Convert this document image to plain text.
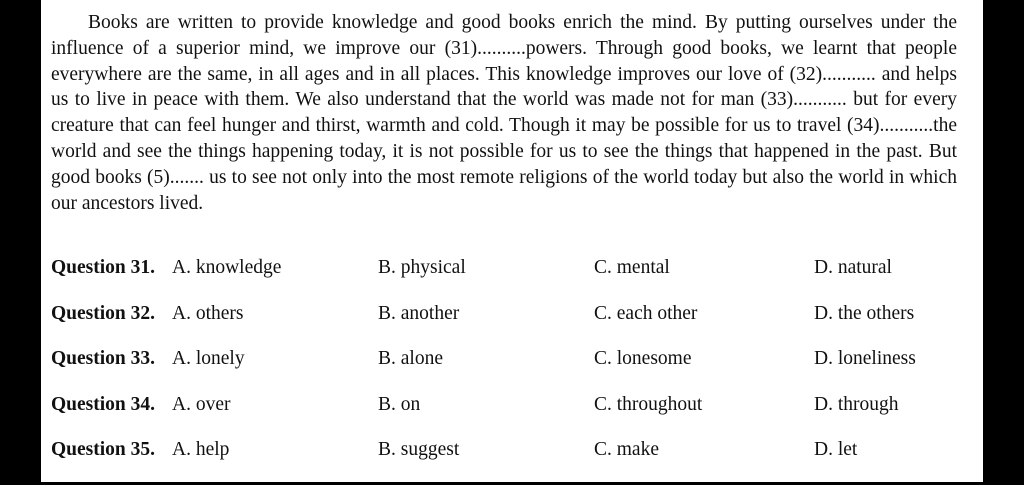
Books are written to provide knowledge and good books enrich the mind. By putting ourselves under the influence of a superior mind, we improve our (31)..........powers. Through good books, we learnt that people everywhere are the same, in all ages and in all places. This knowledge improves our love of (32)........... and helps us to live in peace with them. We also understand that the world was made not for man (33)........... but for every creature that can feel hunger and thirst, warmth and cold. Though it may be possible for us to travel (34)...........the world and see the things happening today, it is not possible for us to see the things that happened in the past. But good books (5)....... us to see not only into the most remote religions of the world today but also the world in which our ancestors lived.

Question 31. A. knowledge	B. physical	C. mental	D. natural
Question 32. A. others	B. another	C. each other	D. the others
Question 33. A. lonely	B. alone	C. lonesome	D. loneliness
Question 34. A. over	B. on	C. throughout	D. through
Question 35. A. help	B. suggest	C. make	D. let
